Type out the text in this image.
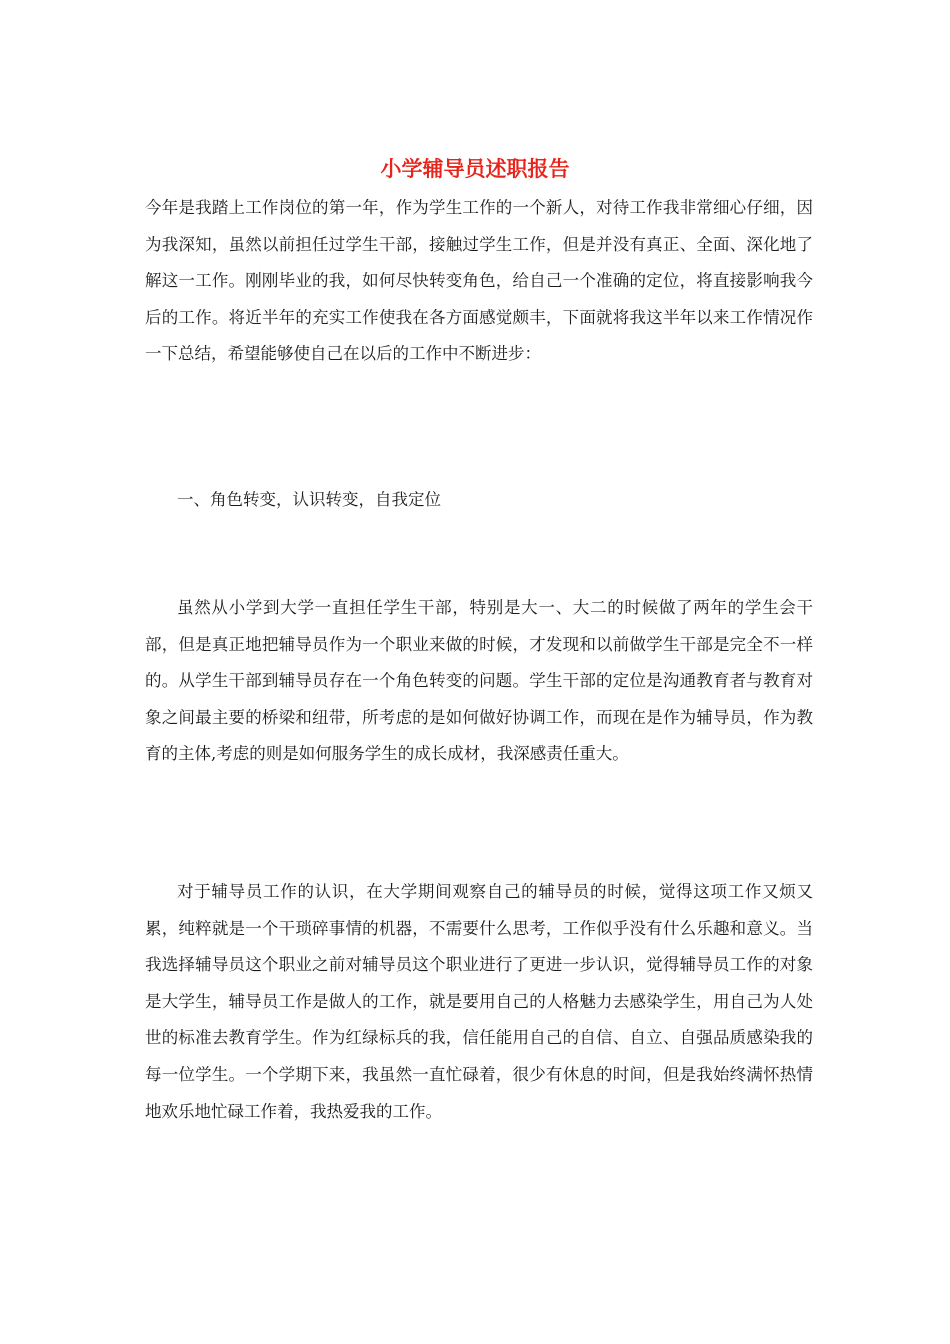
小学辅导员述职报告

今年是我踏上工作岗位的第一年，作为学生工作的一个新人，对待工作我非常细心仔细，因为我深知，虽然以前担任过学生干部，接触过学生工作，但是并没有真正、全面、深化地了解这一工作。刚刚毕业的我，如何尽快转变角色，给自己一个准确的定位，将直接影响我今后的工作。将近半年的充实工作使我在各方面感觉颇丰，下面就将我这半年以来工作情况作一下总结，希望能够使自己在以后的工作中不断进步：

一、角色转变，认识转变，自我定位

虽然从小学到大学一直担任学生干部，特别是大一、大二的时候做了两年的学生会干部，但是真正地把辅导员作为一个职业来做的时候，才发现和以前做学生干部是完全不一样的。从学生干部到辅导员存在一个角色转变的问题。学生干部的定位是沟通教育者与教育对象之间最主要的桥梁和纽带，所考虑的是如何做好协调工作，而现在是作为辅导员，作为教育的主体,考虑的则是如何服务学生的成长成材，我深感责任重大。

对于辅导员工作的认识，在大学期间观察自己的辅导员的时候，觉得这项工作又烦又累，纯粹就是一个干琐碎事情的机器，不需要什么思考，工作似乎没有什么乐趣和意义。当我选择辅导员这个职业之前对辅导员这个职业进行了更进一步认识，觉得辅导员工作的对象是大学生，辅导员工作是做人的工作，就是要用自己的人格魅力去感染学生，用自己为人处世的标准去教育学生。作为红绿标兵的我，信任能用自己的自信、自立、自强品质感染我的每一位学生。一个学期下来，我虽然一直忙碌着，很少有休息的时间，但是我始终满怀热情地欢乐地忙碌工作着，我热爱我的工作。
